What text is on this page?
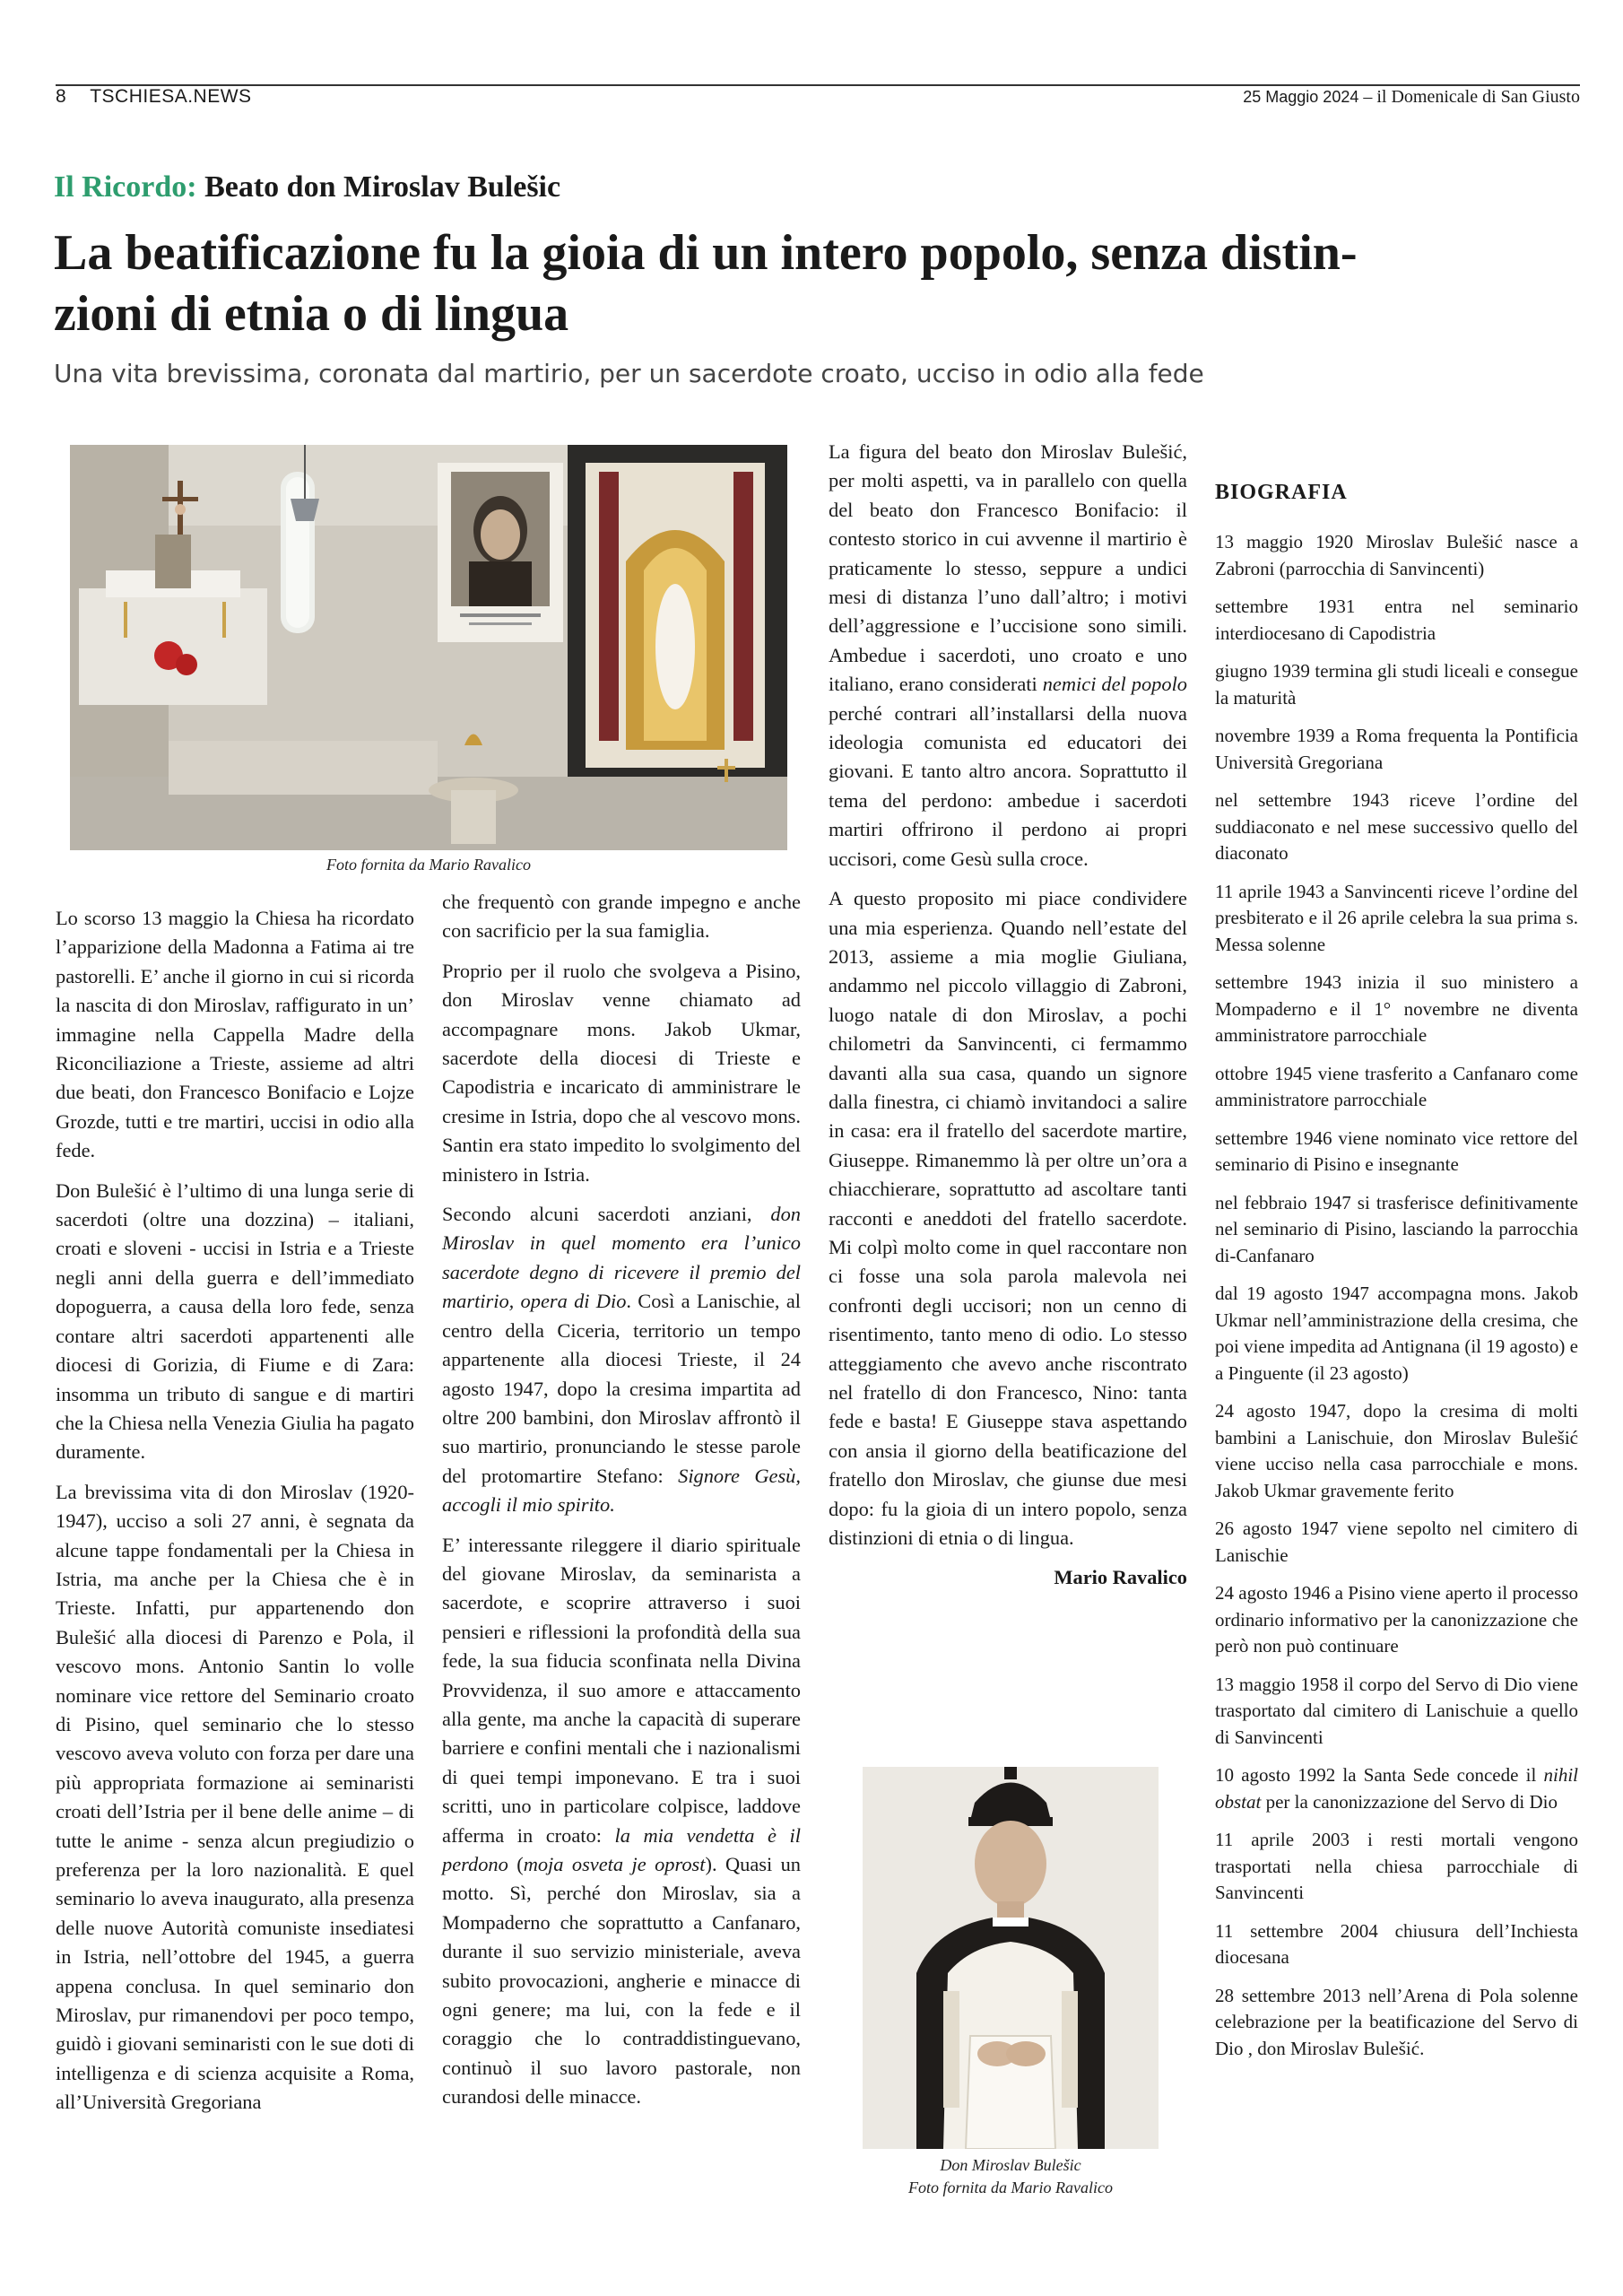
8 TSCHIESA.NEWS	25 Maggio 2024 – il Domenicale di San Giusto
Il Ricordo: Beato don Miroslav Bulešic
La beatificazione fu la gioia di un intero popolo, senza distin-
zioni di etnia o di lingua
Una vita brevissima, coronata dal martirio, per un sacerdote croato, ucciso in odio alla fede
Foto fornita da Mario Ravalico

Lo scorso 13 maggio la Chiesa ha ricordato l’apparizione della Madonna a Fatima ai tre pastorelli. E’ anche il giorno in cui si ricorda la nascita di don Miroslav, raffigurato in un’ immagine nella Cappella Madre della Riconciliazione a Trieste, assieme ad altri due beati, don Francesco Bonifacio e Lojze Grozde, tutti e tre martiri, uccisi in odio alla fede.

Don Bulešić è l’ultimo di una lunga serie di sacerdoti (oltre una dozzina) – italiani, croati e sloveni - uccisi in Istria e a Trieste negli anni della guerra e dell’immediato dopoguerra, a causa della loro fede, senza contare altri sacerdoti appartenenti alle diocesi di Gorizia, di Fiume e di Zara: insomma un tributo di sangue e di martiri che la Chiesa nella Venezia Giulia ha pagato duramente.

La brevissima vita di don Miroslav (1920-1947), ucciso a soli 27 anni, è segnata da alcune tappe fondamentali per la Chiesa in Istria, ma anche per la Chiesa che è in Trieste. Infatti, pur appartenendo don Bulešić alla diocesi di Parenzo e Pola, il vescovo mons. Antonio Santin lo volle nominare vice rettore del Seminario croato di Pisino, quel seminario che lo stesso vescovo aveva voluto con forza per dare una più appropriata formazione ai seminaristi croati dell’Istria per il bene delle anime – di tutte le anime - senza alcun pregiudizio o preferenza per la loro nazionalità. E quel seminario lo aveva inaugurato, alla presenza delle nuove Autorità comuniste insediatesi in Istria, nell’ottobre del 1945, a guerra appena conclusa. In quel seminario don Miroslav, pur rimanendovi per poco tempo, guidò i giovani seminaristi con le sue doti di intelligenza e di scienza acquisite a Roma, all’Università Gregoriana

che frequentò con grande impegno e anche con sacrificio per la sua famiglia.

Proprio per il ruolo che svolgeva a Pisino, don Miroslav venne chiamato ad accompagnare mons. Jakob Ukmar, sacerdote della diocesi di Trieste e Capodistria e incaricato di amministrare le cresime in Istria, dopo che al vescovo mons. Santin era stato impedito lo svolgimento del ministero in Istria.

Secondo alcuni sacerdoti anziani, don Miroslav in quel momento era l’unico sacerdote degno di ricevere il premio del martirio, opera di Dio. Così a Lanischie, al centro della Ciceria, territorio un tempo appartenente alla diocesi Trieste, il 24 agosto 1947, dopo la cresima impartita ad oltre 200 bambini, don Miroslav affrontò il suo martirio, pronunciando le stesse parole del protomartire Stefano: Signore Gesù, accogli il mio spirito.

E’ interessante rileggere il diario spirituale del giovane Miroslav, da seminarista a sacerdote, e scoprire attraverso i suoi pensieri e riflessioni la profondità della sua fede, la sua fiducia sconfinata nella Divina Provvidenza, il suo amore e attaccamento alla gente, ma anche la capacità di superare barriere e confini mentali che i nazionalismi di quei tempi imponevano. E tra i suoi scritti, uno in particolare colpisce, laddove afferma in croato: la mia vendetta è il perdono (moja osveta je oprost). Quasi un motto. Sì, perché don Miroslav, sia a Mompaderno che soprattutto a Canfanaro, durante il suo servizio ministeriale, aveva subito provocazioni, angherie e minacce di ogni genere; ma lui, con la fede e il coraggio che lo contraddistinguevano, continuò il suo lavoro pastorale, non curandosi delle minacce.

La figura del beato don Miroslav Bulešić, per molti aspetti, va in parallelo con quella del beato don Francesco Bonifacio: il contesto storico in cui avvenne il martirio è praticamente lo stesso, seppure a undici mesi di distanza l’uno dall’altro; i motivi dell’aggressione e l’uccisione sono simili. Ambedue i sacerdoti, uno croato e uno italiano, erano considerati nemici del popolo perché contrari all’installarsi della nuova ideologia comunista ed educatori dei giovani. E tanto altro ancora. Soprattutto il tema del perdono: ambedue i sacerdoti martiri offrirono il perdono ai propri uccisori, come Gesù sulla croce.

A questo proposito mi piace condividere una mia esperienza. Quando nell’estate del 2013, assieme a mia moglie Giuliana, andammo nel piccolo villaggio di Zabroni, luogo natale di don Miroslav, a pochi chilometri da Sanvincenti, ci fermammo davanti alla sua casa, quando un signore dalla finestra, ci chiamò invitandoci a salire in casa: era il fratello del sacerdote martire, Giuseppe. Rimanemmo là per oltre un’ora a chiacchierare, soprattutto ad ascoltare tanti racconti e aneddoti del fratello sacerdote. Mi colpì molto come in quel raccontare non ci fosse una sola parola malevola nei confronti degli uccisori; non un cenno di risentimento, tanto meno di odio. Lo stesso atteggiamento che avevo anche riscontrato nel fratello di don Francesco, Nino: tanta fede e basta! E Giuseppe stava aspettando con ansia il giorno della beatificazione del fratello don Miroslav, che giunse due mesi dopo: fu la gioia di un intero popolo, senza distinzioni di etnia o di lingua.

Mario Ravalico
Don Miroslav Bulešic
Foto fornita da Mario Ravalico
BIOGRAFIA
13 maggio 1920 Miroslav Bulešić nasce a Zabroni (parrocchia di Sanvincenti)
settembre 1931 entra nel seminario interdiocesano di Capodistria
giugno 1939 termina gli studi liceali e consegue la maturità
novembre 1939 a Roma frequenta la Pontificia Università Gregoriana
nel settembre 1943 riceve l’ordine del suddiaconato e nel mese successivo quello del diaconato
11 aprile 1943 a Sanvincenti riceve l’ordine del presbiterato e il 26 aprile celebra la sua prima s. Messa solenne
settembre 1943 inizia il suo ministero a Mompaderno e il 1° novembre ne diventa amministratore parrocchiale
ottobre 1945 viene trasferito a Canfanaro come amministratore parrocchiale
settembre 1946 viene nominato vice rettore del seminario di Pisino e insegnante
nel febbraio 1947 si trasferisce definitivamente nel seminario di Pisino, lasciando la parrocchia di-Canfanaro
dal 19 agosto 1947 accompagna mons. Jakob Ukmar nell’amministrazione della cresima, che poi viene impedita ad Antignana (il 19 agosto) e a Pinguente (il 23 agosto)
24 agosto 1947, dopo la cresima di molti bambini a Lanischuie, don Miroslav Bulešić viene ucciso nella casa parrocchiale e mons. Jakob Ukmar gravemente ferito
26 agosto 1947 viene sepolto nel cimitero di Lanischie
24 agosto 1946 a Pisino viene aperto il processo ordinario informativo per la canonizzazione che però non può continuare
13 maggio 1958 il corpo del Servo di Dio viene trasportato dal cimitero di Lanischuie a quello di Sanvincenti
10 agosto 1992 la Santa Sede concede il nihil obstat per la canonizzazione del Servo di Dio
11 aprile 2003 i resti mortali vengono trasportati nella chiesa parrocchiale di Sanvincenti
11 settembre 2004 chiusura dell’Inchiesta diocesana
28 settembre 2013 nell’Arena di Pola solenne celebrazione per la beatificazione del Servo di Dio , don Miroslav Bulešić.
